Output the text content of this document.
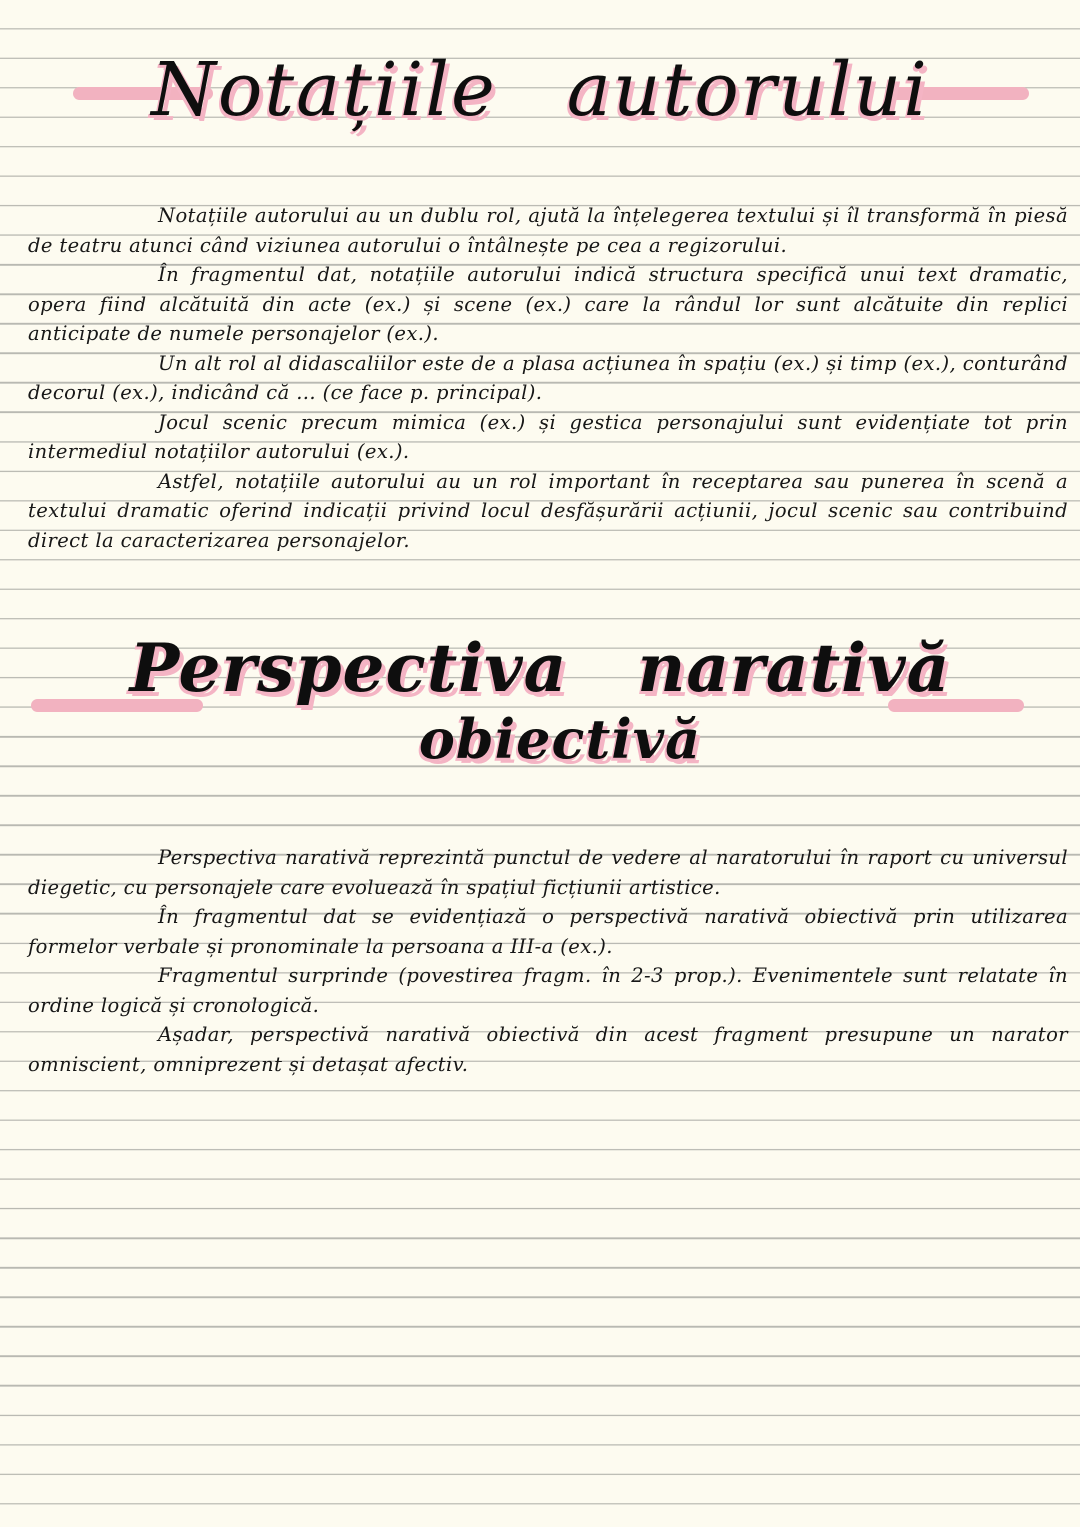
Notațiile autorului

Notațiile autorului au un dublu rol, ajută la înțelegerea textului și îl transformă în piesă de teatru atunci când viziunea autorului o întâlnește pe cea a regizorului.

În fragmentul dat, notațiile autorului indică structura specifică unui text dramatic, opera fiind alcătuită din acte (ex.) și scene (ex.) care la rândul lor sunt alcătuite din replici anticipate de numele personajelor (ex.).

Un alt rol al didascaliilor este de a plasa acțiunea în spațiu (ex.) și timp (ex.), conturând decorul (ex.), indicând că ... (ce face p. principal).

Jocul scenic precum mimica (ex.) și gestica personajului sunt evidențiate tot prin intermediul notațiilor autorului (ex.).

Astfel, notațiile autorului au un rol important în receptarea sau punerea în scenă a textului dramatic oferind indicații privind locul desfășurării acțiunii, jocul scenic sau contribuind direct la caracterizarea personajelor.

Perspectiva narativă
obiectivă

Perspectiva narativă reprezintă punctul de vedere al naratorului în raport cu universul diegetic, cu personajele care evoluează în spațiul ficțiunii artistice.

În fragmentul dat se evidențiază o perspectivă narativă obiectivă prin utilizarea formelor verbale și pronominale la persoana a III-a (ex.).

Fragmentul surprinde (povestirea fragm. în 2-3 prop.). Evenimentele sunt relatate în ordine logică și cronologică.

Așadar, perspectivă narativă obiectivă din acest fragment presupune un narator omniscient, omniprezent și detașat afectiv.
